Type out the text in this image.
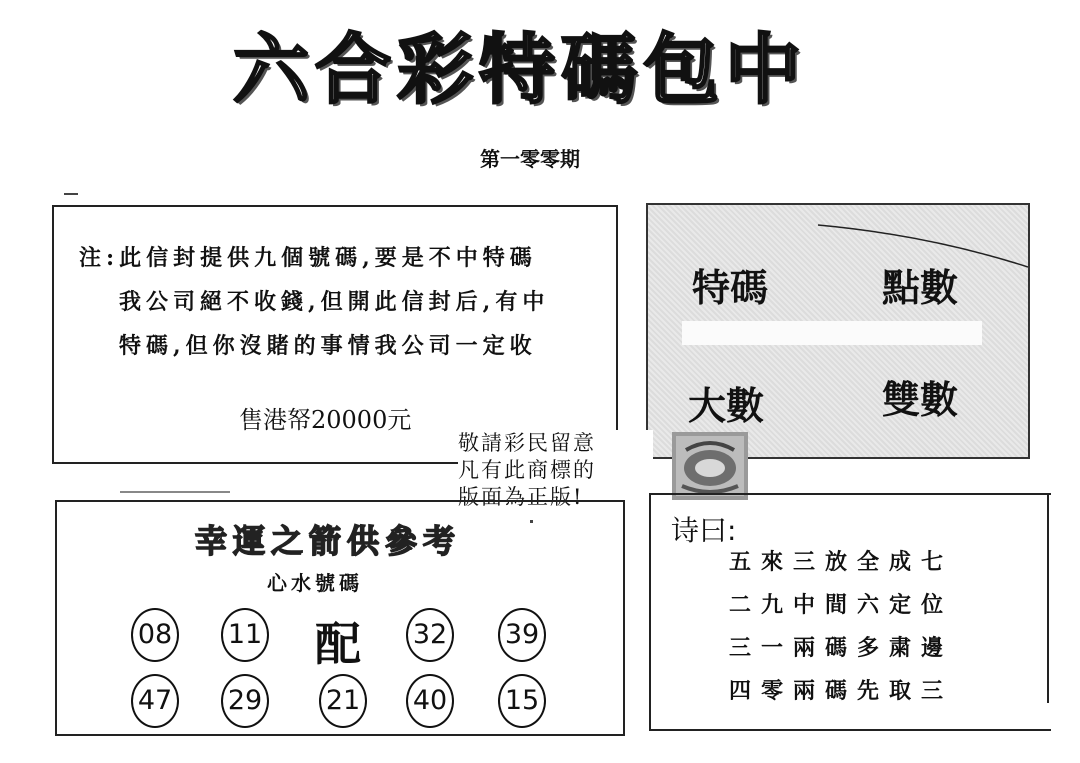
六合彩特碼包中
第一零零期
注:此信封提供九個號碼,要是不中特碼
我公司絕不收錢,但開此信封后,有中
特碼,但你沒賭的事情我公司一定收
售港帑20000元
特碼	點數
大數	雙數
敬請彩民留意
凡有此商標的
版面為正版!
幸運之箭供參考
心水號碼
08 11 配 32 39
47 29 21 40 15
诗曰:
五來三放全成七
二九中間六定位
三一兩碼多粛邊
四零兩碼先取三
